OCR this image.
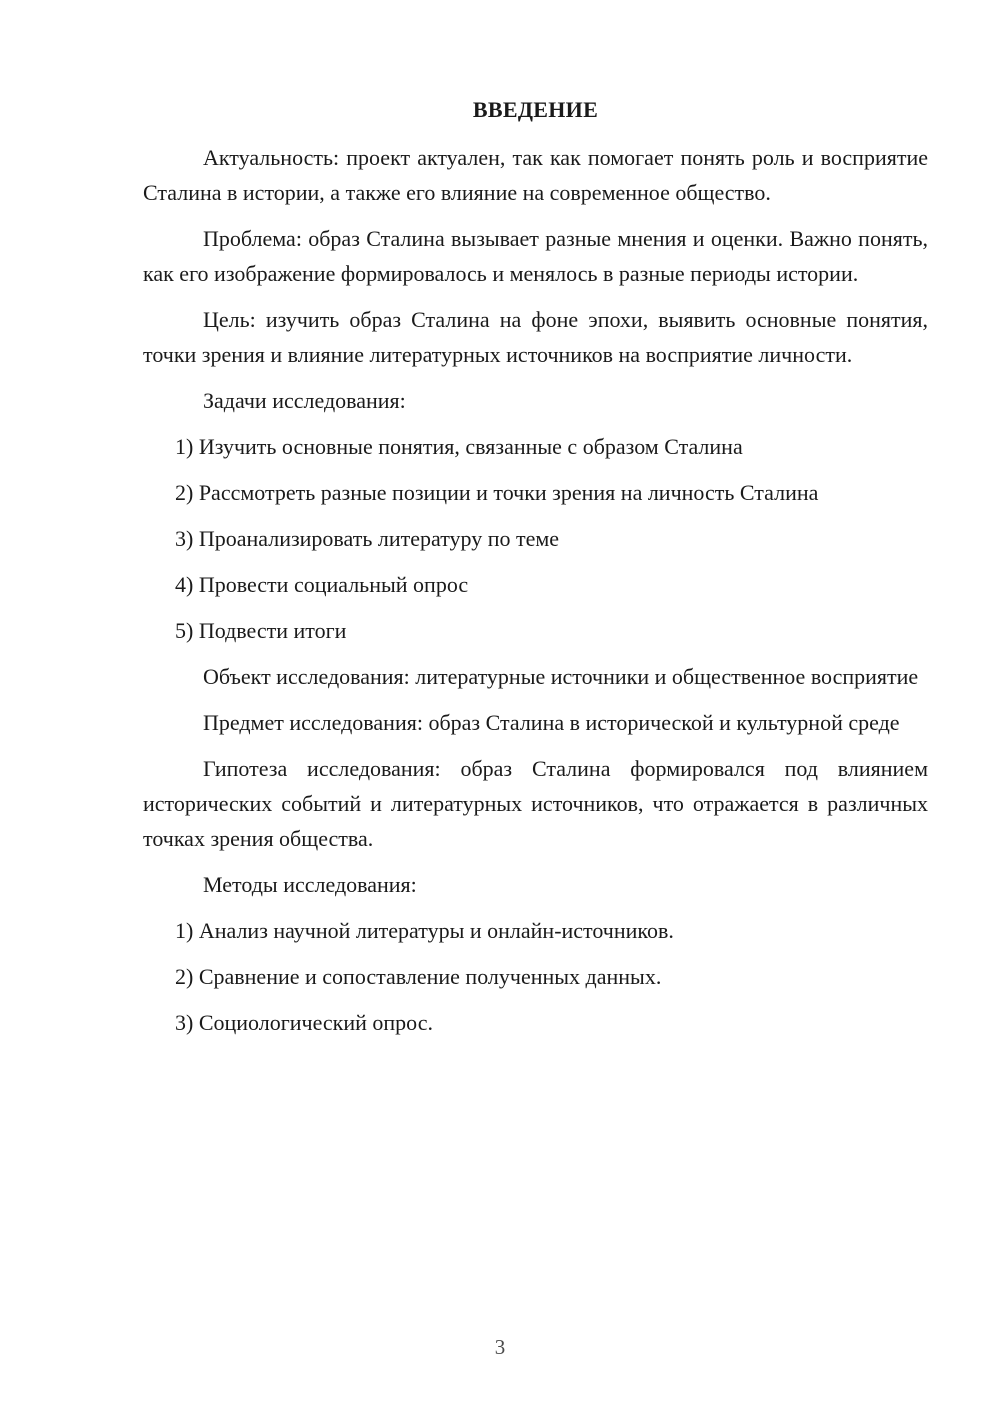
ВВЕДЕНИЕ

Актуальность: проект актуален, так как помогает понять роль и восприятие Сталина в истории, а также его влияние на современное общество.

Проблема: образ Сталина вызывает разные мнения и оценки. Важно понять, как его изображение формировалось и менялось в разные периоды истории.

Цель: изучить образ Сталина на фоне эпохи, выявить основные понятия, точки зрения и влияние литературных источников на восприятие личности.

Задачи исследования:

1) Изучить основные понятия, связанные с образом Сталина
2) Рассмотреть разные позиции и точки зрения на личность Сталина
3) Проанализировать литературу по теме
4) Провести социальный опрос
5) Подвести итоги

Объект исследования: литературные источники и общественное восприятие

Предмет исследования: образ Сталина в исторической и культурной среде

Гипотеза исследования: образ Сталина формировался под влиянием исторических событий и литературных источников, что отражается в различных точках зрения общества.

Методы исследования:

1) Анализ научной литературы и онлайн-источников.
2) Сравнение и сопоставление полученных данных.
3) Социологический опрос.
3
